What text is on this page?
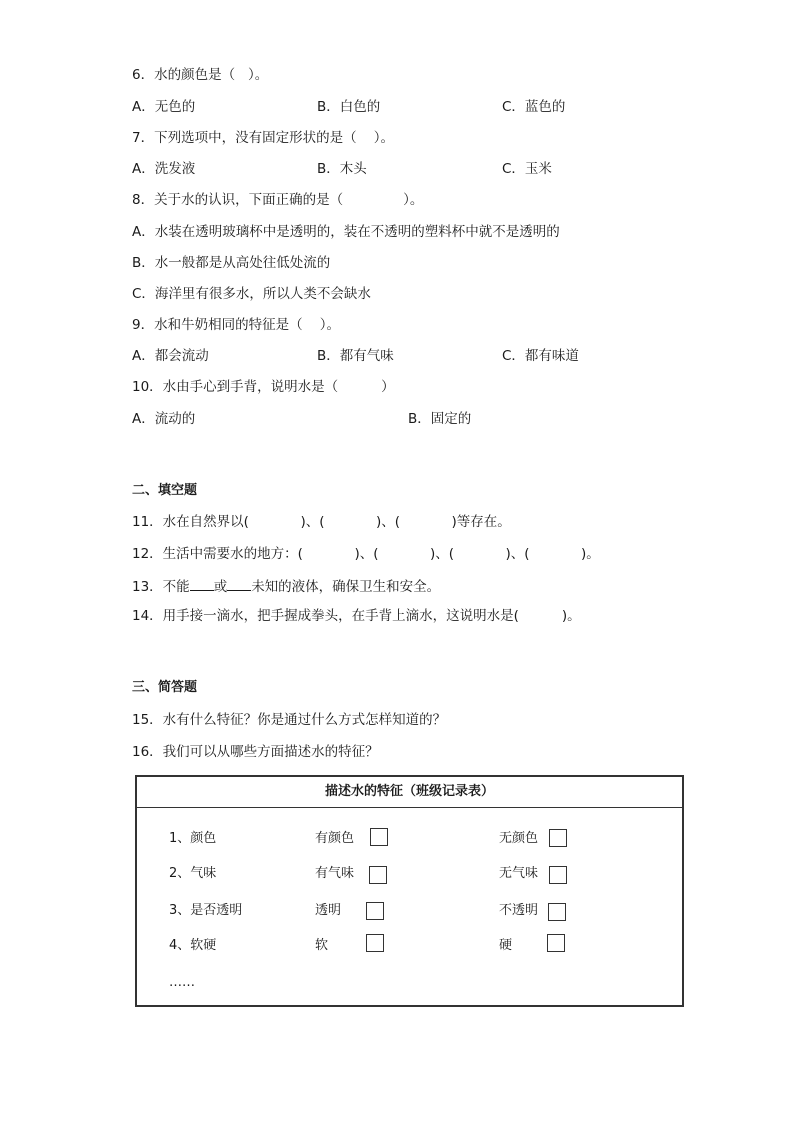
6．水的颜色是（   ）。
A．无色的	B．白色的	C．蓝色的
7．下列选项中，没有固定形状的是（    ）。
A．洗发液	B．木头	C．玉米
8．关于水的认识，下面正确的是（              ）。
A．水装在透明玻璃杯中是透明的，装在不透明的塑料杯中就不是透明的
B．水一般都是从高处往低处流的
C．海洋里有很多水，所以人类不会缺水
9．水和牛奶相同的特征是（    ）。
A．都会流动	B．都有气味	C．都有味道
10．水由手心到手背，说明水是（          ）
A．流动的	B．固定的
二、填空题
11．水在自然界以(            )、(            )、(            )等存在。
12．生活中需要水的地方：(            )、(            )、(            )、(            )。
13．不能 或 未知的液体，确保卫生和安全。
14．用手接一滴水，把手握成拳头，在手背上滴水，这说明水是(          )。
三、简答题
15．水有什么特征？你是通过什么方式怎样知道的？
16．我们可以从哪些方面描述水的特征？
描述水的特征（班级记录表）
1、颜色	有颜色	无颜色
2、气味	有气味	无气味
3、是否透明	透明	不透明
4、软硬	软	硬
……
